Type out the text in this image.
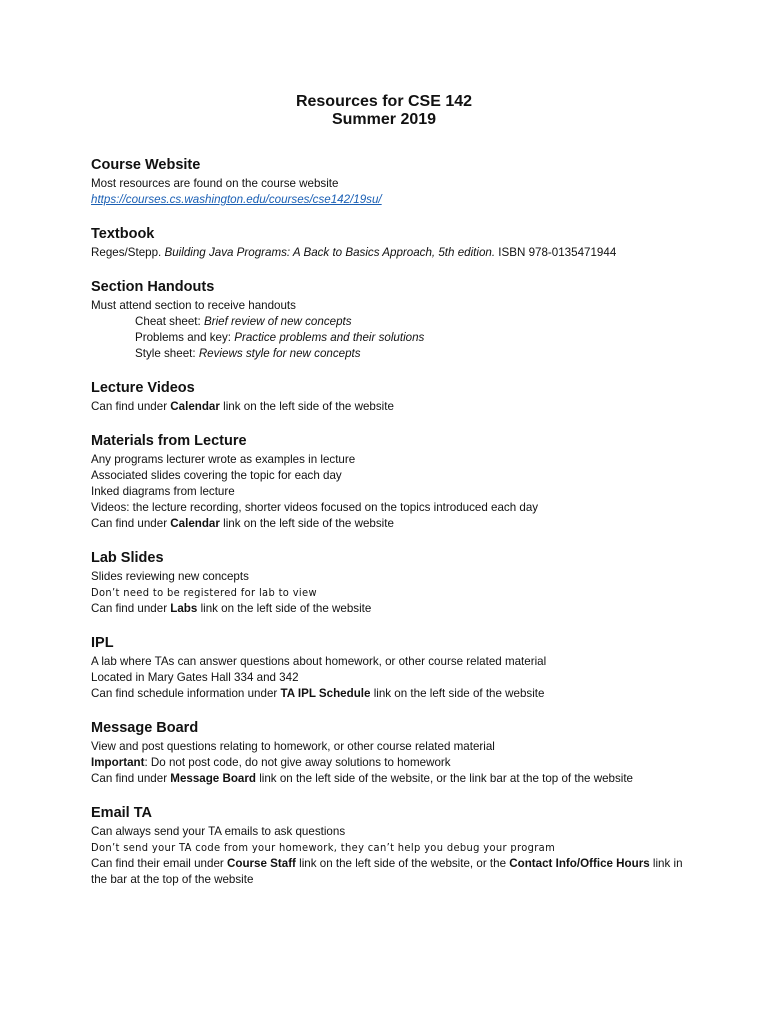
Resources for CSE 142
Summer 2019
Course Website
Most resources are found on the course website
https://courses.cs.washington.edu/courses/cse142/19su/
Textbook
Reges/Stepp. Building Java Programs: A Back to Basics Approach, 5th edition. ISBN 978-0135471944
Section Handouts
Must attend section to receive handouts
Cheat sheet: Brief review of new concepts
Problems and key: Practice problems and their solutions
Style sheet: Reviews style for new concepts
Lecture Videos
Can find under Calendar link on the left side of the website
Materials from Lecture
Any programs lecturer wrote as examples in lecture
Associated slides covering the topic for each day
Inked diagrams from lecture
Videos: the lecture recording, shorter videos focused on the topics introduced each day
Can find under Calendar link on the left side of the website
Lab Slides
Slides reviewing new concepts
Don’t need to be registered for lab to view
Can find under Labs link on the left side of the website
IPL
A lab where TAs can answer questions about homework, or other course related material
Located in Mary Gates Hall 334 and 342
Can find schedule information under TA IPL Schedule link on the left side of the website
Message Board
View and post questions relating to homework, or other course related material
Important: Do not post code, do not give away solutions to homework
Can find under Message Board link on the left side of the website, or the link bar at the top of the website
Email TA
Can always send your TA emails to ask questions
Don’t send your TA code from your homework, they can’t help you debug your program
Can find their email under Course Staff link on the left side of the website, or the Contact Info/Office Hours link in the bar at the top of the website
